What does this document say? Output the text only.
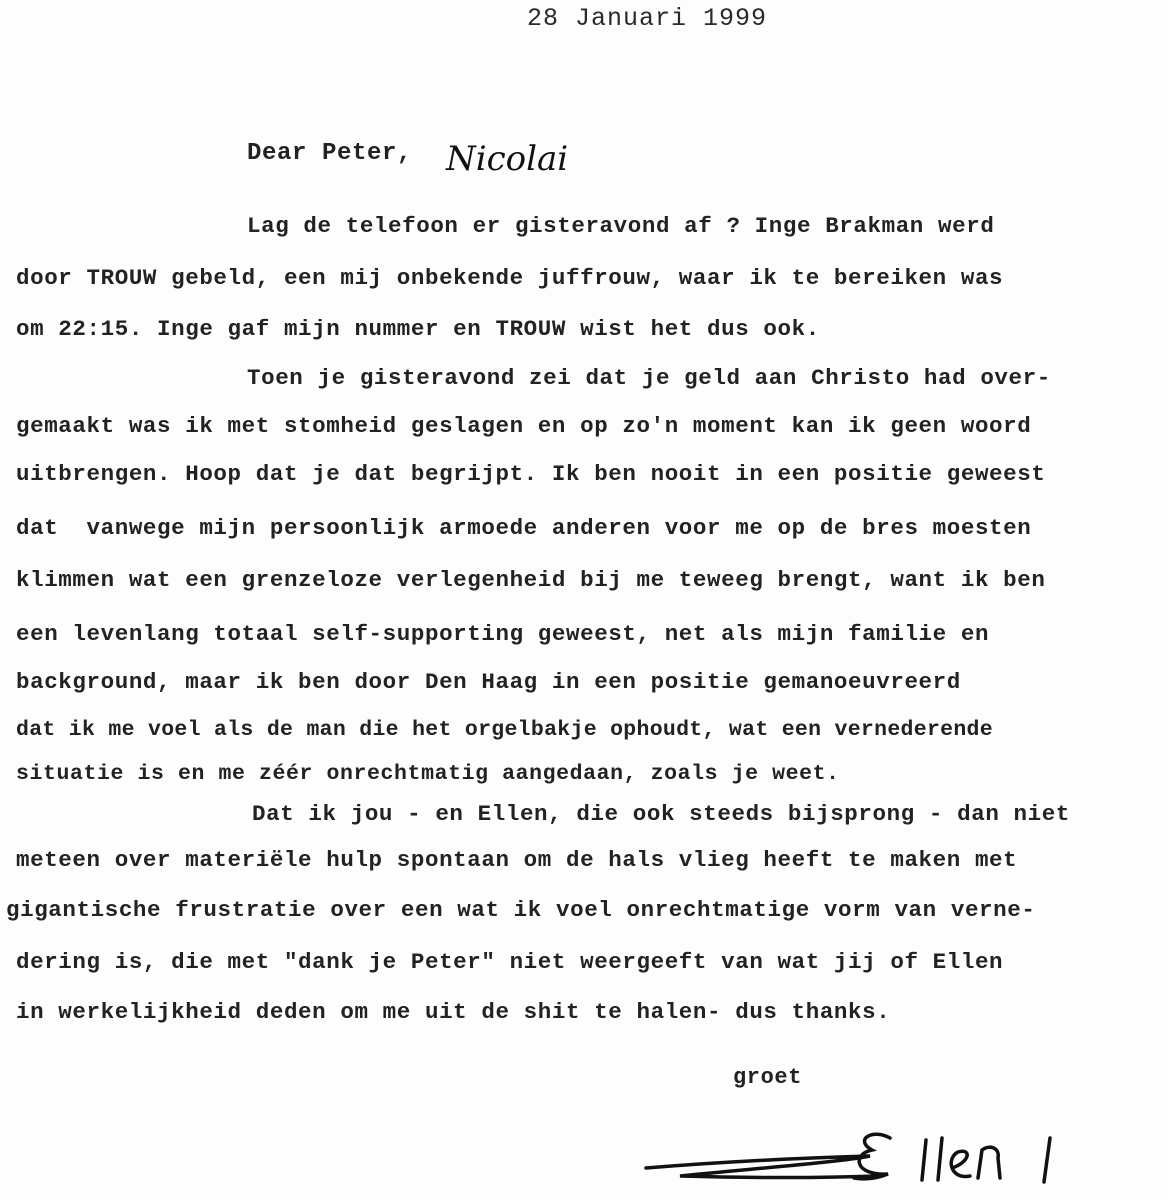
28 Januari 1999
Dear Peter, Nicolai
Lag de telefoon er gisteravond af ? Inge Brakman werd
door TROUW gebeld, een mij onbekende juffrouw, waar ik te bereiken was
om 22:15. Inge gaf mijn nummer en TROUW wist het dus ook.
Toen je gisteravond zei dat je geld aan Christo had over-
gemaakt was ik met stomheid geslagen en op zo'n moment kan ik geen woord
uitbrengen. Hoop dat je dat begrijpt. Ik ben nooit in een positie geweest
dat  vanwege mijn persoonlijk armoede anderen voor me op de bres moesten
klimmen wat een grenzeloze verlegenheid bij me teweeg brengt, want ik ben
een levenlang totaal self-supporting geweest, net als mijn familie en
background, maar ik ben door Den Haag in een positie gemanoeuvreerd
dat ik me voel als de man die het orgelbakje ophoudt, wat een vernederende
situatie is en me zéér onrechtmatig aangedaan, zoals je weet.
Dat ik jou - en Ellen, die ook steeds bijsprong - dan niet
meteen over materiële hulp spontaan om de hals vlieg heeft te maken met
gigantische frustratie over een wat ik voel onrechtmatige vorm van verne-
dering is, die met "dank je Peter" niet weergeeft van wat jij of Ellen
in werkelijkheid deden om me uit de shit te halen- dus thanks.
groet
